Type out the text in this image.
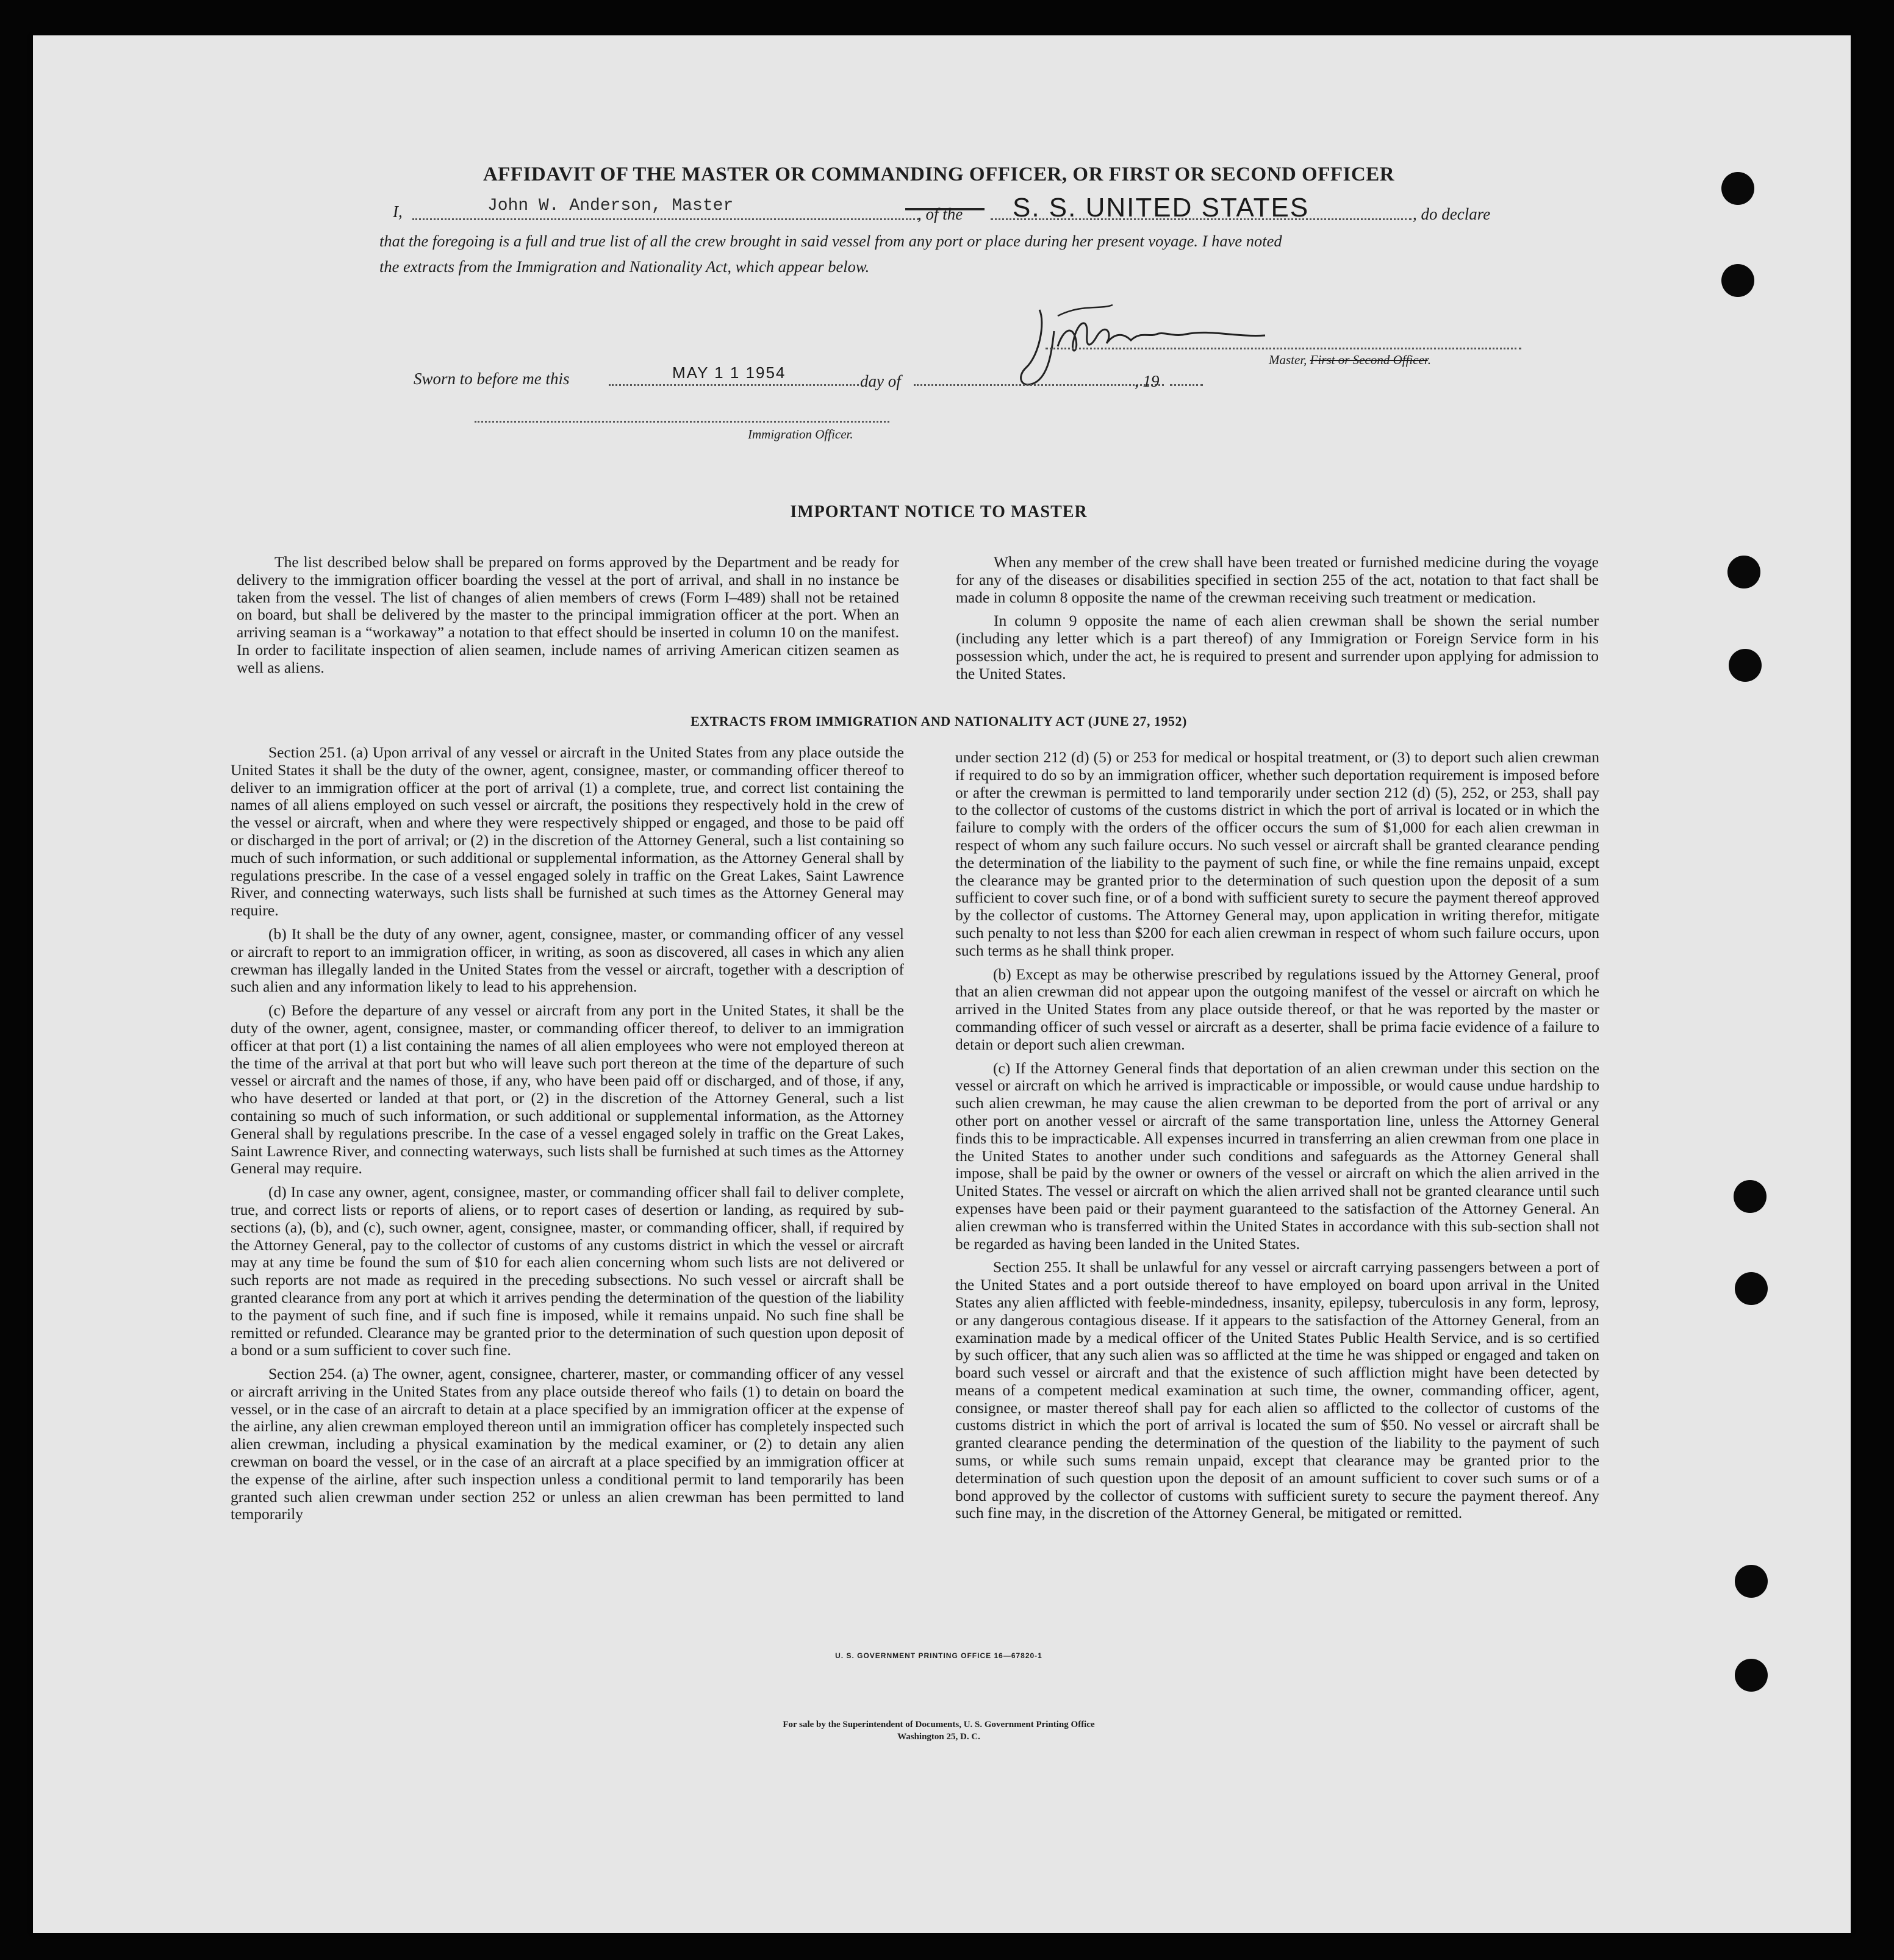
AFFIDAVIT OF THE MASTER OR COMMANDING OFFICER, OR FIRST OR SECOND OFFICER
I,	John W. Anderson, Master	, of the S. S. UNITED STATES	, do declare
that the foregoing is a full and true list of all the crew brought in said vessel from any port or place during her present voyage. I have noted
the extracts from the Immigration and Nationality Act, which appear below.
Master, First or Second Officer.
Sworn to before me this	MAY 1 1 1954	day of	, 19
Immigration Officer.
IMPORTANT NOTICE TO MASTER

The list described below shall be prepared on forms approved by the Department and be ready for delivery to the immigration officer boarding the vessel at the port of arrival, and shall in no instance be taken from the vessel. The list of changes of alien members of crews (Form I–489) shall not be retained on board, but shall be delivered by the master to the principal immigration officer at the port. When an arriving seaman is a “workaway” a notation to that effect should be inserted in column 10 on the manifest. In order to facilitate inspection of alien seamen, include names of arriving American citizen seamen as well as aliens.

When any member of the crew shall have been treated or furnished medicine during the voyage for any of the diseases or disabilities specified in section 255 of the act, notation to that fact shall be made in column 8 opposite the name of the crewman receiving such treatment or medication.

In column 9 opposite the name of each alien crewman shall be shown the serial number (including any letter which is a part thereof) of any Immigration or Foreign Service form in his possession which, under the act, he is required to present and surrender upon applying for admission to the United States.

EXTRACTS FROM IMMIGRATION AND NATIONALITY ACT (JUNE 27, 1952)

Section 251. (a) Upon arrival of any vessel or aircraft in the United States from any place outside the United States it shall be the duty of the owner, agent, consignee, master, or commanding officer thereof to deliver to an immigration officer at the port of arrival (1) a complete, true, and correct list containing the names of all aliens employed on such vessel or aircraft, the positions they respectively hold in the crew of the vessel or aircraft, when and where they were respectively shipped or engaged, and those to be paid off or discharged in the port of arrival; or (2) in the discretion of the Attorney General, such a list containing so much of such information, or such additional or supplemental information, as the Attorney General shall by regulations prescribe. In the case of a vessel engaged solely in traffic on the Great Lakes, Saint Lawrence River, and connecting waterways, such lists shall be furnished at such times as the Attorney General may require.

(b) It shall be the duty of any owner, agent, consignee, master, or commanding officer of any vessel or aircraft to report to an immigration officer, in writing, as soon as discovered, all cases in which any alien crewman has illegally landed in the United States from the vessel or aircraft, together with a description of such alien and any information likely to lead to his apprehension.

(c) Before the departure of any vessel or aircraft from any port in the United States, it shall be the duty of the owner, agent, consignee, master, or commanding officer thereof, to deliver to an immigration officer at that port (1) a list containing the names of all alien employees who were not employed thereon at the time of the arrival at that port but who will leave such port thereon at the time of the departure of such vessel or aircraft and the names of those, if any, who have been paid off or discharged, and of those, if any, who have deserted or landed at that port, or (2) in the discretion of the Attorney General, such a list containing so much of such information, or such additional or supplemental information, as the Attorney General shall by regulations prescribe. In the case of a vessel engaged solely in traffic on the Great Lakes, Saint Lawrence River, and connecting waterways, such lists shall be furnished at such times as the Attorney General may require.

(d) In case any owner, agent, consignee, master, or commanding officer shall fail to deliver complete, true, and correct lists or reports of aliens, or to report cases of desertion or landing, as required by sub-sections (a), (b), and (c), such owner, agent, consignee, master, or commanding officer, shall, if required by the Attorney General, pay to the collector of customs of any customs district in which the vessel or aircraft may at any time be found the sum of $10 for each alien concerning whom such lists are not delivered or such reports are not made as required in the preceding subsections. No such vessel or aircraft shall be granted clearance from any port at which it arrives pending the determination of the question of the liability to the payment of such fine, and if such fine is imposed, while it remains unpaid. No such fine shall be remitted or refunded. Clearance may be granted prior to the determination of such question upon deposit of a bond or a sum sufficient to cover such fine.

Section 254. (a) The owner, agent, consignee, charterer, master, or commanding officer of any vessel or aircraft arriving in the United States from any place outside thereof who fails (1) to detain on board the vessel, or in the case of an aircraft to detain at a place specified by an immigration officer at the expense of the airline, any alien crewman employed thereon until an immigration officer has completely inspected such alien crewman, including a physical examination by the medical examiner, or (2) to detain any alien crewman on board the vessel, or in the case of an aircraft at a place specified by an immigration officer at the expense of the airline, after such inspection unless a conditional permit to land temporarily has been granted such alien crewman under section 252 or unless an alien crewman has been permitted to land temporarily

under section 212 (d) (5) or 253 for medical or hospital treatment, or (3) to deport such alien crewman if required to do so by an immigration officer, whether such deportation requirement is imposed before or after the crewman is permitted to land temporarily under section 212 (d) (5), 252, or 253, shall pay to the collector of customs of the customs district in which the port of arrival is located or in which the failure to comply with the orders of the officer occurs the sum of $1,000 for each alien crewman in respect of whom any such failure occurs. No such vessel or aircraft shall be granted clearance pending the determination of the liability to the payment of such fine, or while the fine remains unpaid, except the clearance may be granted prior to the determination of such question upon the deposit of a sum sufficient to cover such fine, or of a bond with sufficient surety to secure the payment thereof approved by the collector of customs. The Attorney General may, upon application in writing therefor, mitigate such penalty to not less than $200 for each alien crewman in respect of whom such failure occurs, upon such terms as he shall think proper.

(b) Except as may be otherwise prescribed by regulations issued by the Attorney General, proof that an alien crewman did not appear upon the outgoing manifest of the vessel or aircraft on which he arrived in the United States from any place outside thereof, or that he was reported by the master or commanding officer of such vessel or aircraft as a deserter, shall be prima facie evidence of a failure to detain or deport such alien crewman.

(c) If the Attorney General finds that deportation of an alien crewman under this section on the vessel or aircraft on which he arrived is impracticable or impossible, or would cause undue hardship to such alien crewman, he may cause the alien crewman to be deported from the port of arrival or any other port on another vessel or aircraft of the same transportation line, unless the Attorney General finds this to be impracticable. All expenses incurred in transferring an alien crewman from one place in the United States to another under such conditions and safeguards as the Attorney General shall impose, shall be paid by the owner or owners of the vessel or aircraft on which the alien arrived in the United States. The vessel or aircraft on which the alien arrived shall not be granted clearance until such expenses have been paid or their payment guaranteed to the satisfaction of the Attorney General. An alien crewman who is transferred within the United States in accordance with this sub-section shall not be regarded as having been landed in the United States.

Section 255. It shall be unlawful for any vessel or aircraft carrying passengers between a port of the United States and a port outside thereof to have employed on board upon arrival in the United States any alien afflicted with feeble-mindedness, insanity, epilepsy, tuberculosis in any form, leprosy, or any dangerous contagious disease. If it appears to the satisfaction of the Attorney General, from an examination made by a medical officer of the United States Public Health Service, and is so certified by such officer, that any such alien was so afflicted at the time he was shipped or engaged and taken on board such vessel or aircraft and that the existence of such affliction might have been detected by means of a competent medical examination at such time, the owner, commanding officer, agent, consignee, or master thereof shall pay for each alien so afflicted to the collector of customs of the customs district in which the port of arrival is located the sum of $50. No vessel or aircraft shall be granted clearance pending the determination of the question of the liability to the payment of such sums, or while such sums remain unpaid, except that clearance may be granted prior to the determination of such question upon the deposit of an amount sufficient to cover such sums or of a bond approved by the collector of customs with sufficient surety to secure the payment thereof. Any such fine may, in the discretion of the Attorney General, be mitigated or remitted.

U. S. GOVERNMENT PRINTING OFFICE 16—67820-1
For sale by the Superintendent of Documents, U. S. Government Printing Office
Washington 25, D. C.
